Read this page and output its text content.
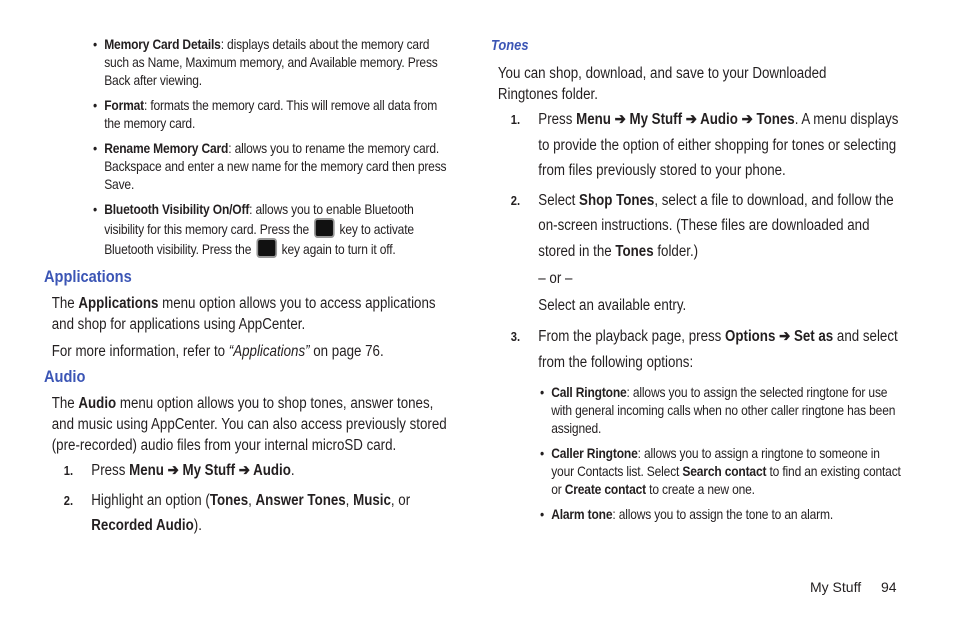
• Memory Card Details: displays details about the memory card such as Name, Maximum memory, and Available memory. Press Back after viewing.
• Format: formats the memory card. This will remove all data from the memory card.
• Rename Memory Card: allows you to rename the memory card. Backspace and enter a new name for the memory card then press Save.
• Bluetooth Visibility On/Off: allows you to enable Bluetooth visibility for this memory card. Press the  key to activate Bluetooth visibility. Press the  key again to turn it off.
Applications
The Applications menu option allows you to access applications and shop for applications using AppCenter.
For more information, refer to “Applications” on page 76.
Audio
The Audio menu option allows you to shop tones, answer tones, and music using AppCenter. You can also access previously stored (pre-recorded) audio files from your internal microSD card.
1. Press Menu ➔ My Stuff ➔ Audio.
2. Highlight an option (Tones, Answer Tones, Music, or Recorded Audio).
Tones
You can shop, download, and save to your Downloaded Ringtones folder.
1. Press Menu ➔ My Stuff ➔ Audio ➔ Tones. A menu displays to provide the option of either shopping for tones or selecting from files previously stored to your phone.
2. Select Shop Tones, select a file to download, and follow the on-screen instructions. (These files are downloaded and stored in the Tones folder.)
– or –
Select an available entry.
3. From the playback page, press Options ➔ Set as and select from the following options:
• Call Ringtone: allows you to assign the selected ringtone for use with general incoming calls when no other caller ringtone has been assigned.
• Caller Ringtone: allows you to assign a ringtone to someone in your Contacts list. Select Search contact to find an existing contact or Create contact to create a new one.
• Alarm tone: allows you to assign the tone to an alarm.
My Stuff 94
